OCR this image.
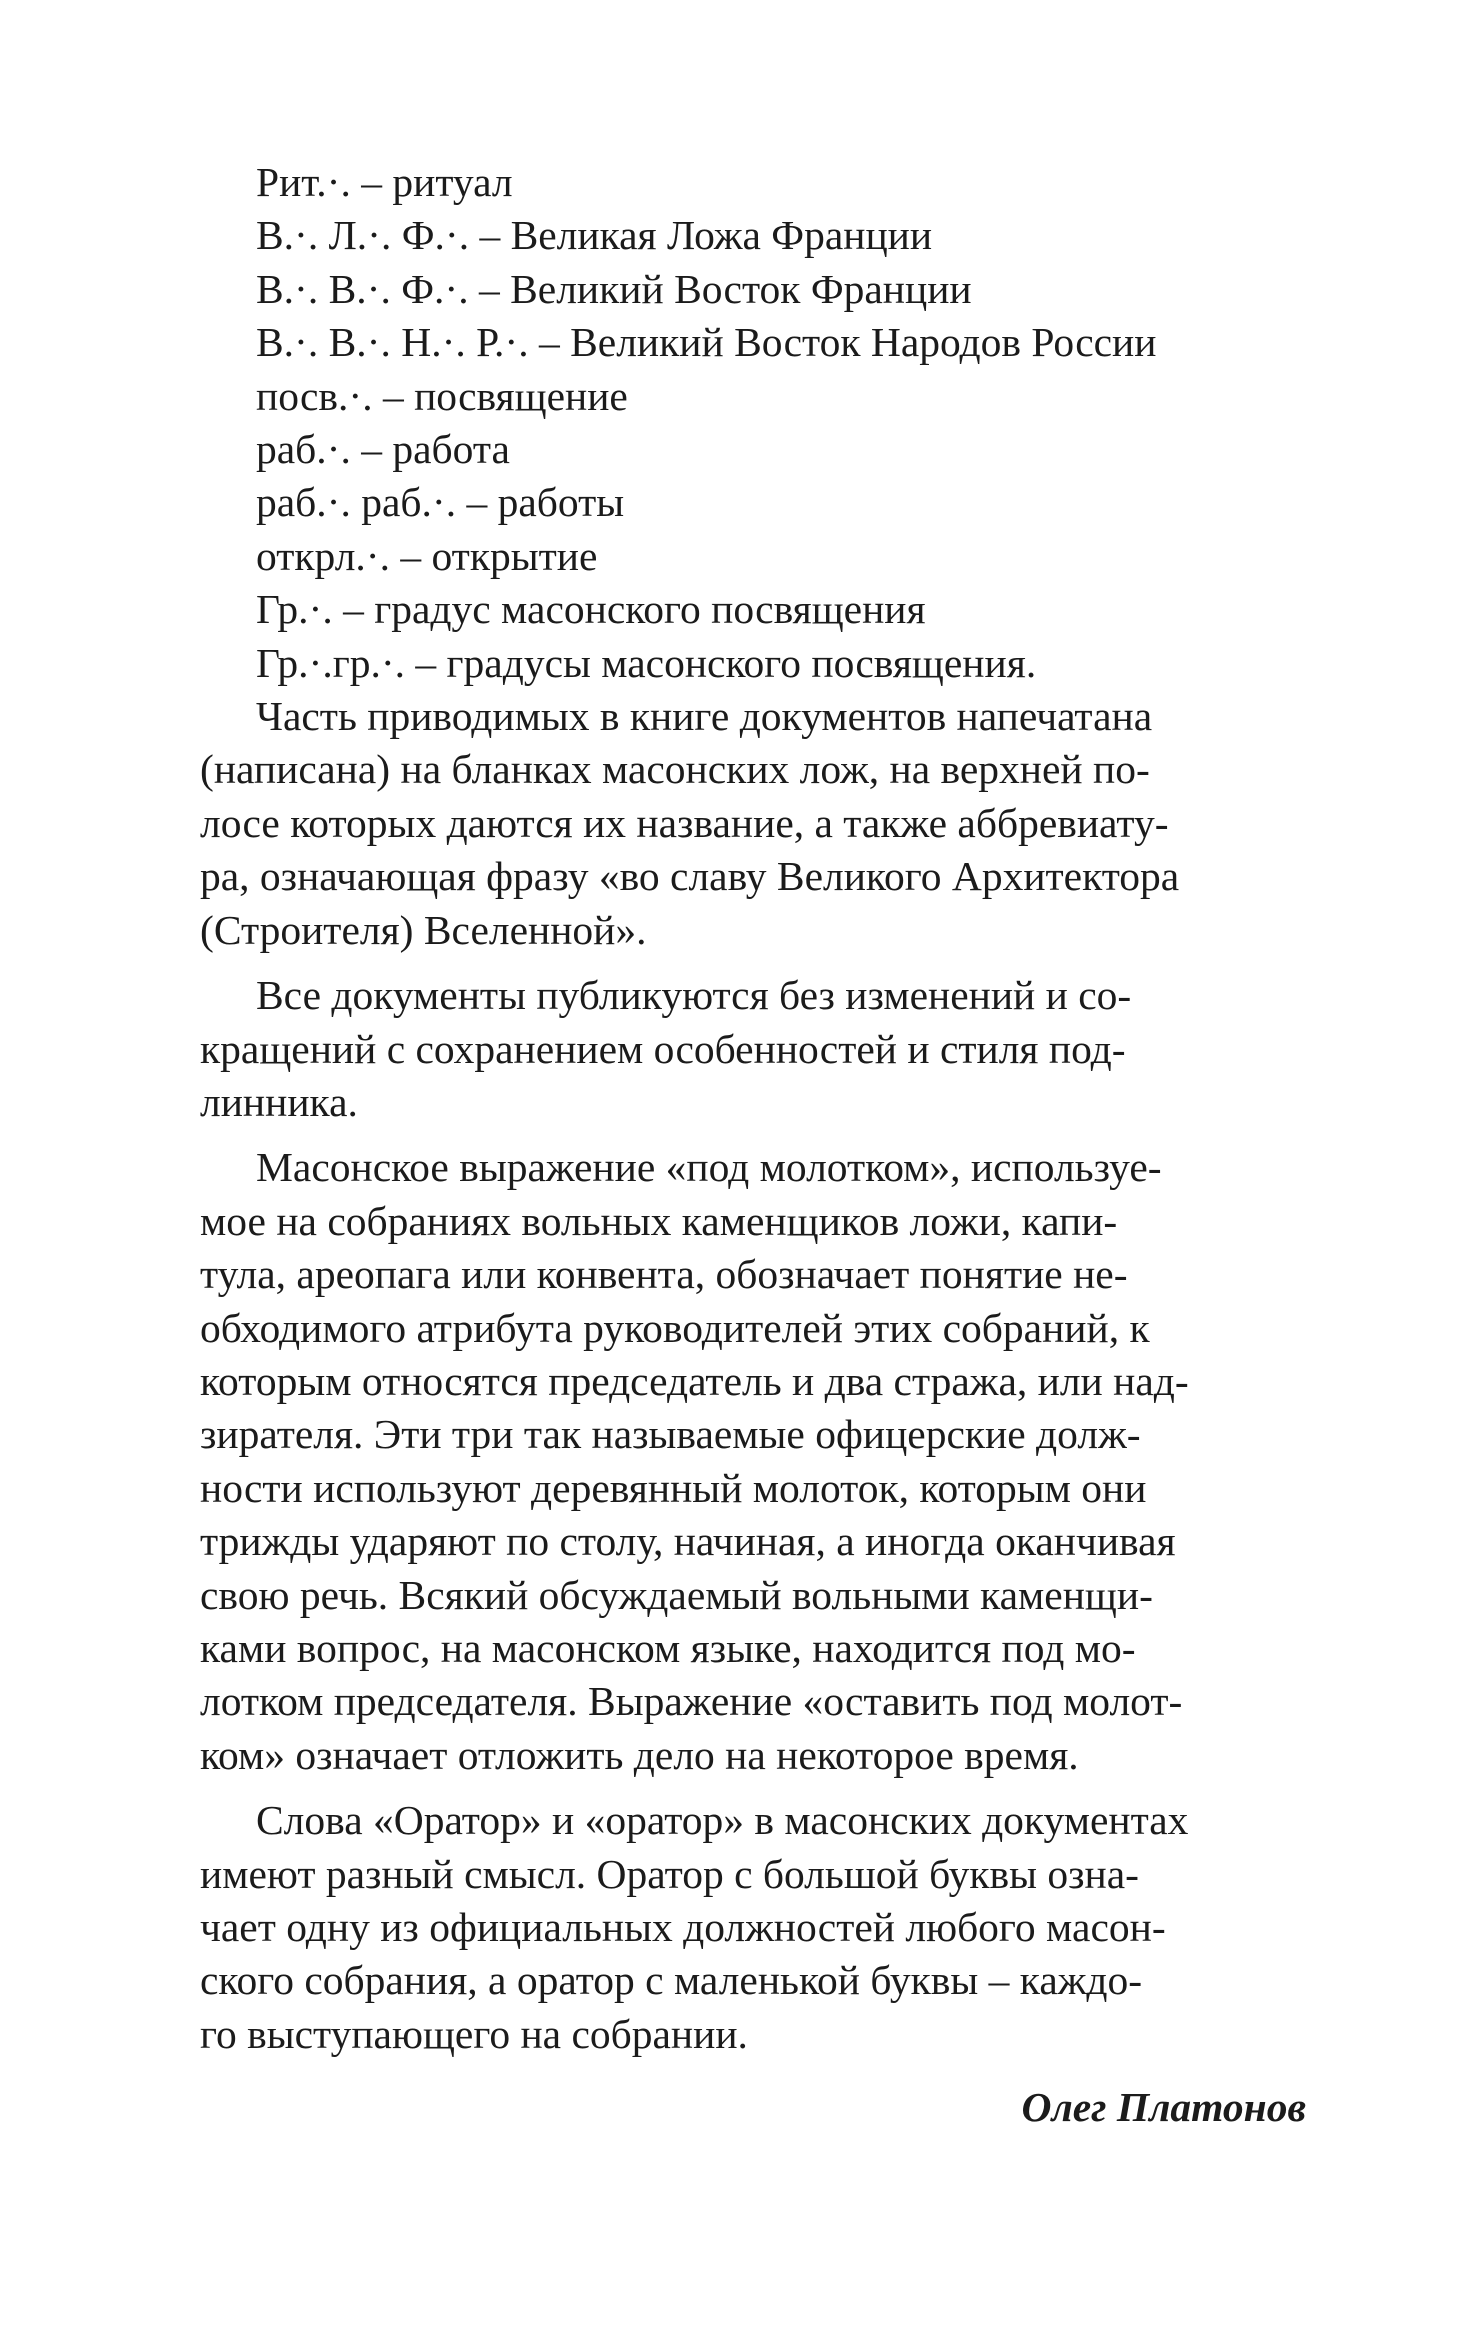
Рит.·. – ритуал
В.·. Л.·. Ф.·. – Великая Ложа Франции
В.·. В.·. Ф.·. – Великий Восток Франции
В.·. В.·. Н.·. Р.·. – Великий Восток Народов России
посв.·. – посвящение
раб.·. – работа
раб.·. раб.·. – работы
открл.·. – открытие
Гр.·. – градус масонского посвящения
Гр.·.гр.·. – градусы масонского посвящения.
Часть приводимых в книге документов напечатана
(написана) на бланках масонских лож, на верхней по-
лосе которых даются их название, а также аббревиату-
ра, означающая фразу «во славу Великого Архитектора
(Строителя) Вселенной».
Все документы публикуются без изменений и со-
кращений с сохранением особенностей и стиля под-
линника.
Масонское выражение «под молотком», используе-
мое на собраниях вольных каменщиков ложи, капи-
тула, ареопага или конвента, обозначает понятие не-
обходимого атрибута руководителей этих собраний, к
которым относятся председатель и два стража, или над-
зирателя. Эти три так называемые офицерские долж-
ности используют деревянный молоток, которым они
трижды ударяют по столу, начиная, а иногда оканчивая
свою речь. Всякий обсуждаемый вольными каменщи-
ками вопрос, на масонском языке, находится под мо-
лотком председателя. Выражение «оставить под молот-
ком» означает отложить дело на некоторое время.
Слова «Оратор» и «оратор» в масонских документах
имеют разный смысл. Оратор с большой буквы озна-
чает одну из официальных должностей любого масон-
ского собрания, а оратор с маленькой буквы – каждо-
го выступающего на собрании.
Олег Платонов
